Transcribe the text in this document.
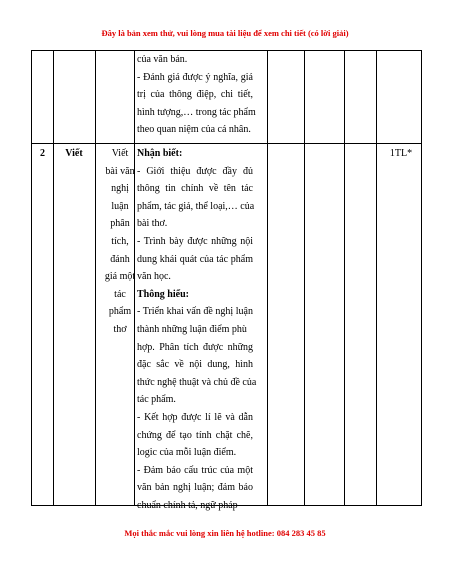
Đây là bản xem thử, vui lòng mua tài liệu để xem chi tiết (có lời giải)
của văn bản.
- Đánh giá được ý nghĩa, giá
trị của thông điệp, chi tiết,
hình tượng,… trong tác phẩm
theo quan niệm của cá nhân.
2	Viết	Viết
bài văn
nghị
luận
phân
tích,
đánh
giá một
tác
phẩm
thơ
Nhận biết:
- Giới thiệu được đầy đủ
thông tin chính về tên tác
phẩm, tác giả, thể loại,… của
bài thơ.
- Trình bày được những nội
dung khái quát của tác phẩm
văn học.
Thông hiểu:
- Triển khai vấn đề nghị luận
thành những luận điểm phù
hợp. Phân tích được những
đặc sắc về nội dung, hình
thức nghệ thuật và chủ đề của
tác phẩm.
- Kết hợp được lí lẽ và dẫn
chứng để tạo tính chặt chẽ,
logic của mỗi luận điểm.
- Đảm bảo cấu trúc của một
văn bản nghị luận; đảm bảo
chuẩn chính tả, ngữ pháp
1TL*
Mọi thắc mắc vui lòng xin liên hệ hotline: 084 283 45 85
